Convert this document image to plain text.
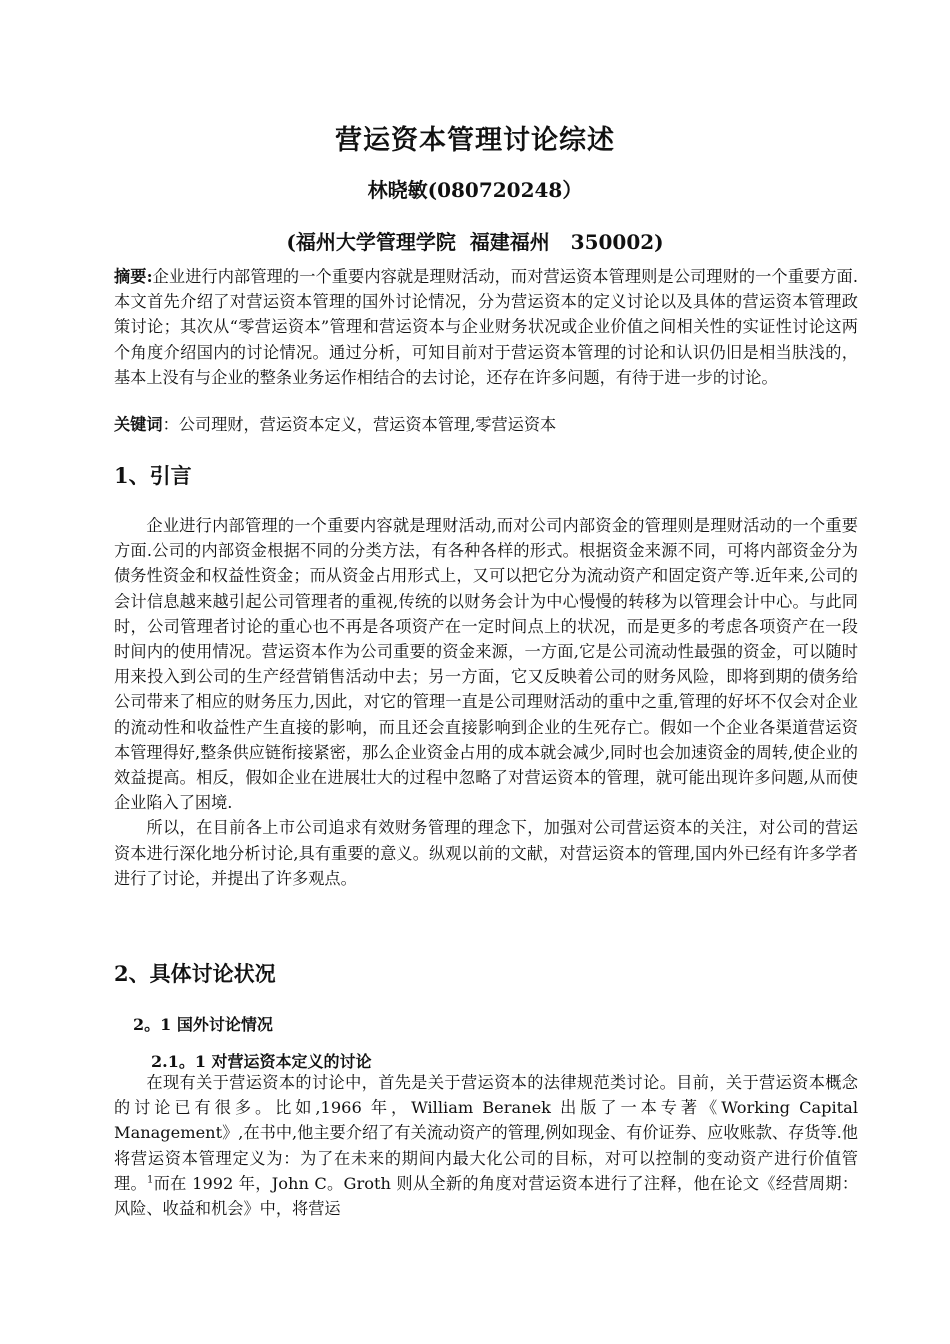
营运资本管理讨论综述
林晓敏(080720248）
(福州大学管理学院  福建福州   350002)
摘要:企业进行内部管理的一个重要内容就是理财活动，而对营运资本管理则是公司理财的一个重要方面.本文首先介绍了对营运资本管理的国外讨论情况，分为营运资本的定义讨论以及具体的营运资本管理政策讨论；其次从“零营运资本”管理和营运资本与企业财务状况或企业价值之间相关性的实证性讨论这两个角度介绍国内的讨论情况。通过分析，可知目前对于营运资本管理的讨论和认识仍旧是相当肤浅的，基本上没有与企业的整条业务运作相结合的去讨论，还存在许多问题，有待于进一步的讨论。
关键词：公司理财，营运资本定义，营运资本管理,零营运资本
1、引言

企业进行内部管理的一个重要内容就是理财活动,而对公司内部资金的管理则是理财活动的一个重要方面.公司的内部资金根据不同的分类方法，有各种各样的形式。根据资金来源不同，可将内部资金分为债务性资金和权益性资金；而从资金占用形式上，又可以把它分为流动资产和固定资产等.近年来,公司的会计信息越来越引起公司管理者的重视,传统的以财务会计为中心慢慢的转移为以管理会计中心。与此同时，公司管理者讨论的重心也不再是各项资产在一定时间点上的状况，而是更多的考虑各项资产在一段时间内的使用情况。营运资本作为公司重要的资金来源，一方面,它是公司流动性最强的资金，可以随时用来投入到公司的生产经营销售活动中去；另一方面，它又反映着公司的财务风险，即将到期的债务给公司带来了相应的财务压力,因此，对它的管理一直是公司理财活动的重中之重,管理的好坏不仅会对企业的流动性和收益性产生直接的影响，而且还会直接影响到企业的生死存亡。假如一个企业各渠道营运资本管理得好,整条供应链衔接紧密，那么企业资金占用的成本就会减少,同时也会加速资金的周转,使企业的效益提高。相反，假如企业在进展壮大的过程中忽略了对营运资本的管理，就可能出现许多问题,从而使企业陷入了困境.

所以，在目前各上市公司追求有效财务管理的理念下，加强对公司营运资本的关注，对公司的营运资本进行深化地分析讨论,具有重要的意义。纵观以前的文献，对营运资本的管理,国内外已经有许多学者进行了讨论，并提出了许多观点。

2、具体讨论状况
2。1 国外讨论情况
2.1。1 对营运资本定义的讨论

在现有关于营运资本的讨论中，首先是关于营运资本的法律规范类讨论。目前，关于营运资本概念的讨论已有很多。比如,1966 年，William Beranek 出版了一本专著《Working Capital Management》,在书中,他主要介绍了有关流动资产的管理,例如现金、有价证券、应收账款、存货等.他将营运资本管理定义为：为了在未来的期间内最大化公司的目标，对可以控制的变动资产进行价值管理。$^1$而在 1992 年，John C。Groth 则从全新的角度对营运资本进行了注释，他在论文《经营周期：风险、收益和机会》中，将营运
